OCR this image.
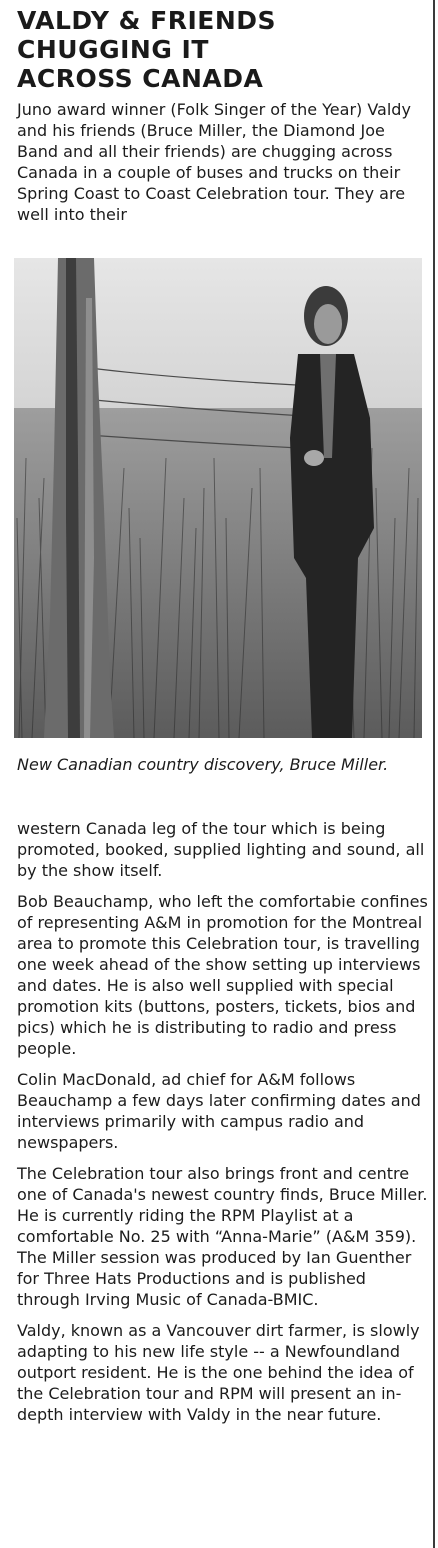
VALDY & FRIENDS
CHUGGING IT
ACROSS CANADA

Juno award winner (Folk Singer of the Year) Valdy and his friends (Bruce Miller, the Diamond Joe Band and all their friends) are chugging across Canada in a couple of buses and trucks on their Spring Coast to Coast Celebration tour. They are well into their

New Canadian country discovery, Bruce Miller.

western Canada leg of the tour which is being promoted, booked, supplied lighting and sound, all by the show itself.

Bob Beauchamp, who left the comfortabie confines of representing A&M in promotion for the Montreal area to promote this Celebration tour, is travelling one week ahead of the show setting up interviews and dates. He is also well supplied with special promotion kits (buttons, posters, tickets, bios and pics) which he is distributing to radio and press people.

Colin MacDonald, ad chief for A&M follows Beauchamp a few days later confirming dates and interviews primarily with campus radio and newspapers.

The Celebration tour also brings front and centre one of Canada's newest country finds, Bruce Miller. He is currently riding the RPM Playlist at a comfortable No. 25 with “Anna-Marie” (A&M 359). The Miller session was produced by Ian Guenther for Three Hats Productions and is published through Irving Music of Canada-BMIC.

Valdy, known as a Vancouver dirt farmer, is slowly adapting to his new life style -- a Newfoundland outport resident. He is the one behind the idea of the Celebration tour and RPM will present an in-depth interview with Valdy in the near future.
